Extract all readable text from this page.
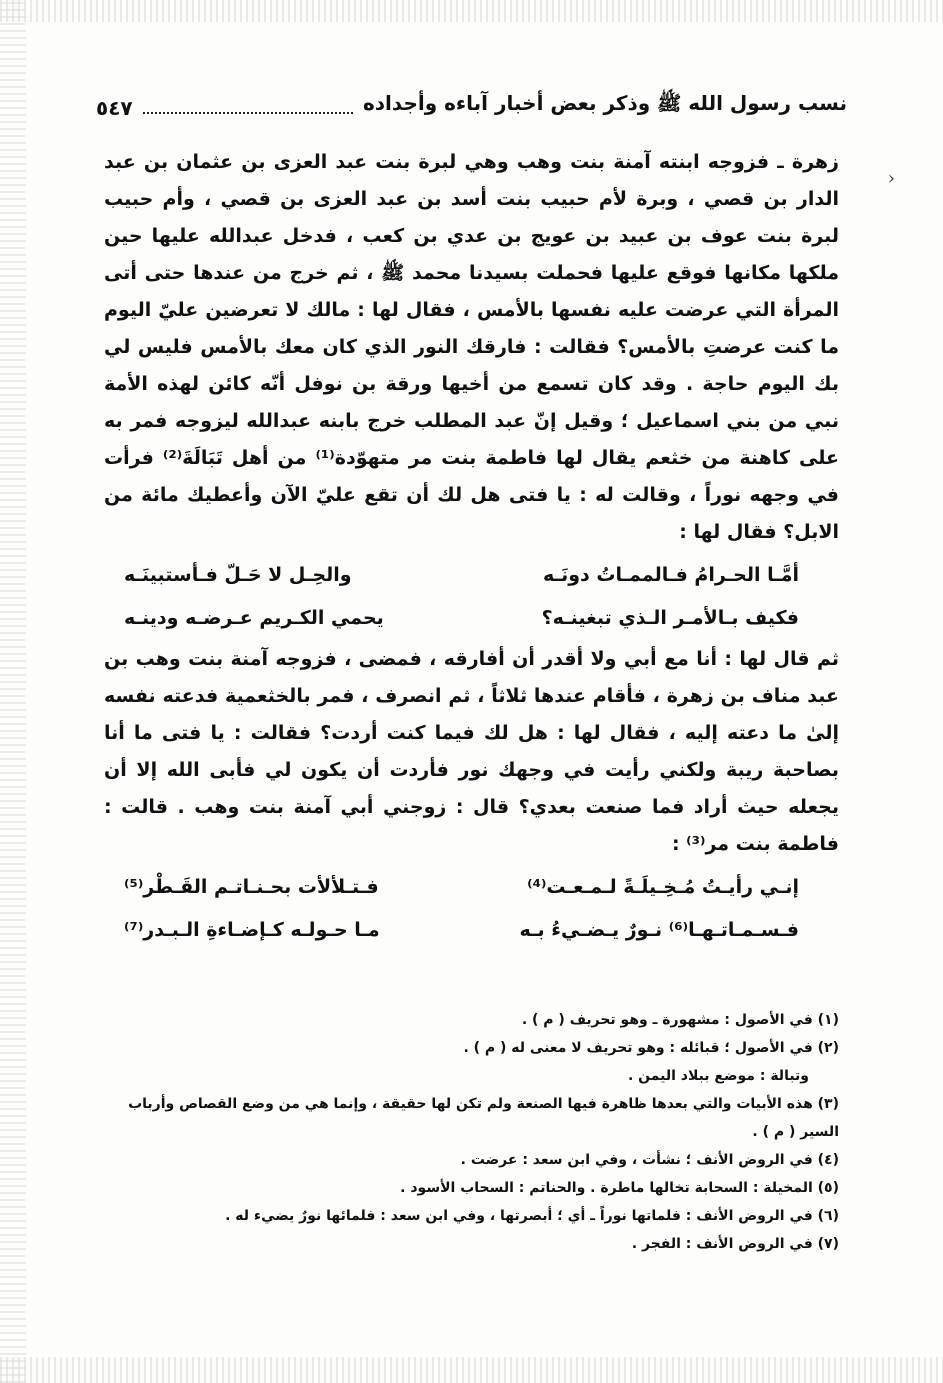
نسب رسول الله ﷺ وذكر بعض أخبار آباءه وأجداده
٥٤٧
›

زهرة ـ فزوجه ابنته آمنة بنت وهب وهي لبرة بنت عبد العزى بن عثمان بن عبد الدار بن قصي ، وبرة لأم حبيب بنت أسد بن عبد العزى بن قصي ، وأم حبيب لبرة بنت عوف بن عبيد بن عويج بن عدي بن كعب ، فدخل عبدالله عليها حين ملكها مكانها فوقع عليها فحملت بسيدنا محمد ﷺ ، ثم خرج من عندها حتى أتى المرأة التي عرضت عليه نفسها بالأمس ، فقال لها : مالك لا تعرضين عليّ اليوم ما كنت عرضتِ بالأمس؟ فقالت : فارقك النور الذي كان معك بالأمس فليس لي بك اليوم حاجة . وقد كان تسمع من أخيها ورقة بن نوفل أنّه كائن لهذه الأمة نبي من بني اسماعيل ؛ وقيل إنّ عبد المطلب خرج بابنه عبدالله ليزوجه فمر به على كاهنة من خثعم يقال لها فاطمة بنت مر متهوّدة⁽¹⁾ من أهل تَبَالَةَ⁽²⁾ فرأت في وجهه نوراً ، وقالت له : يا فتى هل لك أن تقع عليّ الآن وأعطيك مائة من الابل؟ فقال لها :

أمَّـا الحـرامُ فـالممـاتُ دونَـه
والحِـل لا حَـلّ فـأستبينَـه
فكيف بـالأمـر الـذي تبغينـه؟
يحمي الكـريم عـرضـه ودينـه

ثم قال لها : أنا مع أبي ولا أقدر أن أفارقه ، فمضى ، فزوجه آمنة بنت وهب بن عبد مناف بن زهرة ، فأقام عندها ثلاثاً ، ثم انصرف ، فمر بالخثعمية فدعته نفسه إلىٰ ما دعته إليه ، فقال لها : هل لك فيما كنت أردت؟ فقالت : يا فتى ما أنا بصاحبة ريبة ولكني رأيت في وجهك نور فأردت أن يكون لي فأبى الله إلا أن يجعله حيث أراد فما صنعت بعدي؟ قال : زوجني أبي آمنة بنت وهب . قالت : فاطمة بنت مر⁽³⁾ :

إنـي رأيـتُ مُـخِـيلَـةً لـمـعـت⁽⁴⁾
فـتـلألأت بحـنـاتـم القَـطْر⁽⁵⁾
فـسـمـاتـهـا⁽⁶⁾ نـورٌ يـضـيءُ بـه
مـا حـولـه كـإضـاءةِ الـبـدر⁽⁷⁾

(١) في الأصول : مشهورة ـ وهو تحريف ( م ) .

(٢) في الأصول ؛ قبائله : وهو تحريف لا معنى له ( م ) .

وتبالة : موضع ببلاد اليمن .

(٣) هذه الأبيات والتي بعدها ظاهرة فيها الصنعة ولم تكن لها حقيقة ، وإنما هي من وضع القصاص وأرباب السير ( م ) .

(٤) في الروض الأنف ؛ نشأت ، وفي ابن سعد : عرضت .

(٥) المخيلة : السحابة تخالها ماطرة . والحناتم : السحاب الأسود .

(٦) في الروض الأنف : فلماتها نوراً ـ أي ؛ أبصرتها ، وفي ابن سعد : فلمائها نورٌ يضيء له .

(٧) في الروض الأنف : الفجر .
